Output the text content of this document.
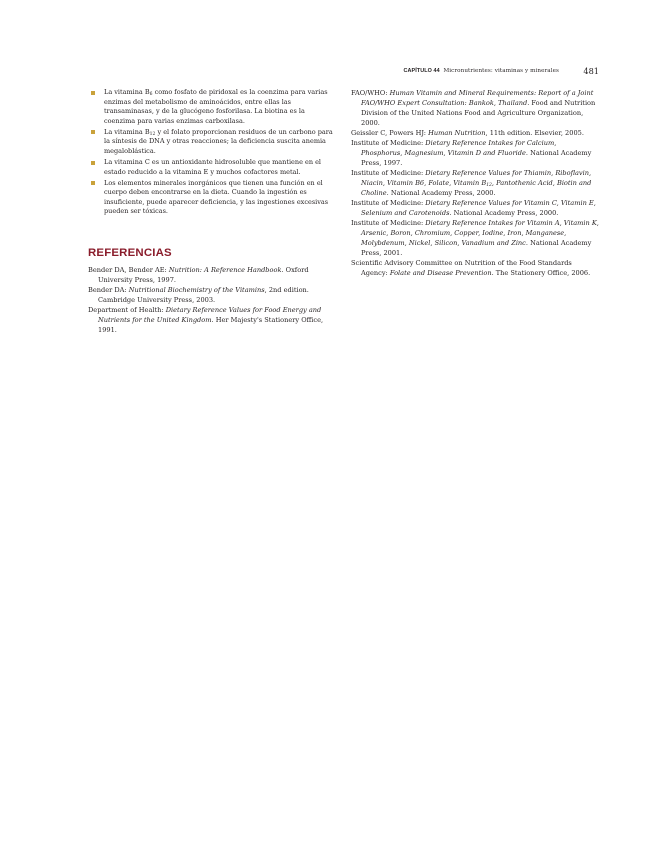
CAPÍTULO 44 Micronutrientes: vitaminas y minerales	481
La vitamina $B_6$ como fosfato de piridoxal es la coenzima para varias enzimas del metabolismo de aminoácidos, entre ellas las transaminasas, y de la glucógeno fosforilasa. La biotina es la coenzima para varias enzimas carboxilasa.
La vitamina $B_{12}$ y el folato proporcionan residuos de un carbono para la síntesis de DNA y otras reacciones; la deficiencia suscita anemia megaloblástica.
La vitamina C es un antioxidante hidrosoluble que mantiene en el estado reducido a la vitamina E y muchos cofactores metal.
Los elementos minerales inorgánicos que tienen una función en el cuerpo deben encontrarse en la dieta. Cuando la ingestión es insuficiente, puede aparecer deficiencia, y las ingestiones excesivas pueden ser tóxicas.
REFERENCIAS

Bender DA, Bender AE: Nutrition: A Reference Handbook. Oxford University Press, 1997.

Bender DA: Nutritional Biochemistry of the Vitamins, 2nd edition. Cambridge University Press, 2003.

Department of Health: Dietary Reference Values for Food Energy and Nutrients for the United Kingdom. Her Majesty's Stationery Office, 1991.

FAO/WHO: Human Vitamin and Mineral Requirements: Report of a Joint FAO/WHO Expert Consultation: Bankok, Thailand. Food and Nutrition Division of the United Nations Food and Agriculture Organization, 2000.

Geissler C, Powers HJ: Human Nutrition, 11th edition. Elsevier, 2005.

Institute of Medicine: Dietary Reference Intakes for Calcium, Phosphorus, Magnesium, Vitamin D and Fluoride. National Academy Press, 1997.

Institute of Medicine: Dietary Reference Values for Thiamin, Riboflavin, Niacin, Vitamin B6, Folate, Vitamin $B_{12}$, Pantothenic Acid, Biotin and Choline. National Academy Press, 2000.

Institute of Medicine: Dietary Reference Values for Vitamin C, Vitamin E, Selenium and Carotenoids. National Academy Press, 2000.

Institute of Medicine: Dietary Reference Intakes for Vitamin A, Vitamin K, Arsenic, Boron, Chromium, Copper, Iodine, Iron, Manganese, Molybdenum, Nickel, Silicon, Vanadium and Zinc. National Academy Press, 2001.

Scientific Advisory Committee on Nutrition of the Food Standards Agency: Folate and Disease Prevention. The Stationery Office, 2006.
